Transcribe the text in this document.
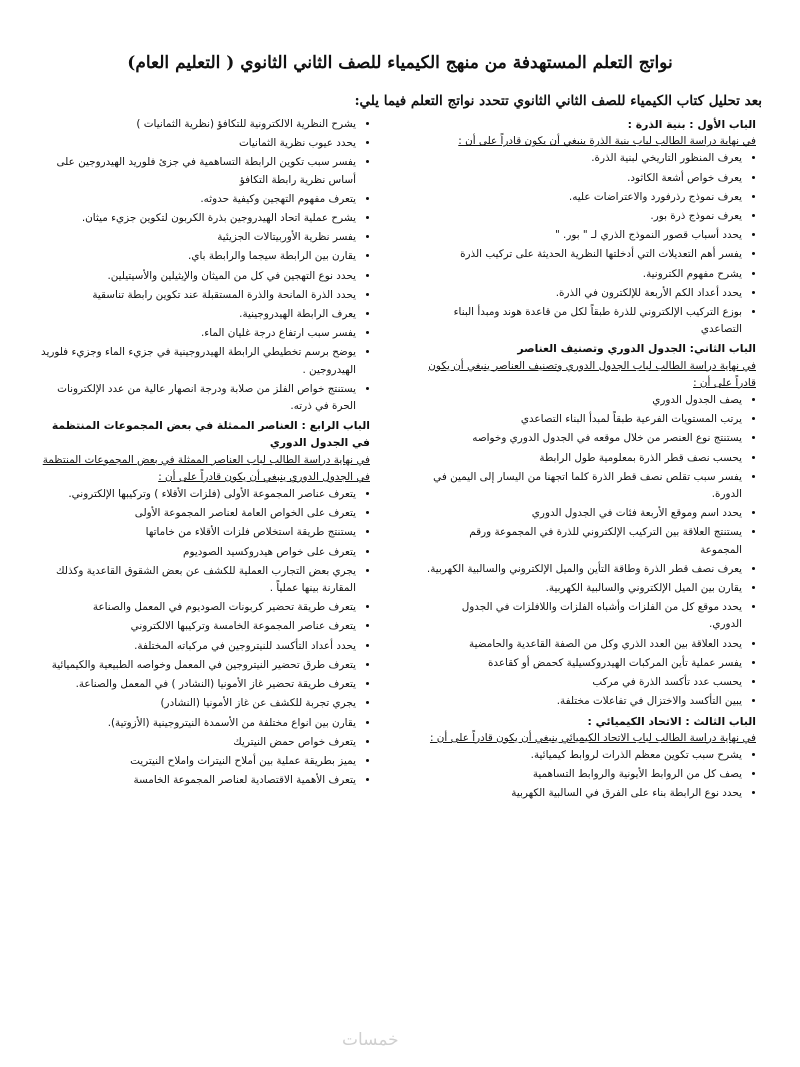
نواتج التعلم المستهدفة من منهج الكيمياء للصف الثاني الثانوي ( التعليم العام)
بعد تحليل كتاب الكيمياء للصف الثاني الثانوي تتحدد نواتج التعلم فيما يلي:
الباب الأول : بنية الذرة :
في نهاية دراسة الطالب لباب بنية الذرة ينبغي أن يكون قادراً على أن :
• يعرف المنظور التاريخي لبنية الذرة.
• يعرف خواص أشعة الكاثود.
• يعرف نموذج رذرفورد والاعتراضات عليه.
• يعرف نموذج ذرة بور.
• يحدد أسباب قصور النموذج الذري لـ " بور. "
• يفسر أهم التعديلات التي أدخلتها النظرية الحديثة على تركيب الذرة
• يشرح مفهوم الكترونية.
• يحدد أعداد الكم الأربعة للإلكترون في الذرة.
• بوزع التركيب الإلكتروني للذرة طبقاً لكل من قاعدة هوند ومبدأ البناء التصاعدي
الباب الثاني: الجدول الدوري وتصنيف العناصر
في نهاية دراسة الطالب لباب الجدول الدوري وتصنيف العناصر ينبغي أن يكون قادراً على أن :
• يصف الجدول الدوري
• يرتب المستويات الفرعية طبقاً لمبدأ البناء التصاعدي
• يستنتج نوع العنصر من خلال موقعه في الجدول الدوري وخواصه
• يحسب نصف قطر الذرة بمعلومية طول الرابطة
• يفسر سبب تقلص نصف قطر الذرة كلما اتجهنا من اليسار إلى اليمين في الدورة.
• يحدد اسم وموقع الأربعة فئات في الجدول الدوري
• يستنتج العلاقة بين التركيب الإلكتروني للذرة في المجموعة ورقم المجموعة
• يعرف نصف قطر الذرة وطاقة التأين والميل الإلكتروني والسالبية الكهربية.
• يقارن بين الميل الإلكتروني والسالبية الكهربية.
• يحدد موقع كل من الفلزات وأشباه الفلزات واللافلزات في الجدول الدوري.
• يحدد العلاقة بين العدد الذري وكل من الصفة القاعدية والحامضية
• يفسر عملية تأين المركبات الهيدروكسيلية كحمض أو كقاعدة
• يحسب عدد تأكسد الذرة في مركب
• يبين التأكسد والاختزال في تفاعلات مختلفة.
الباب الثالث : الاتحاد الكيميائي :
في نهاية دراسة الطالب لباب الاتحاد الكيميائي ينبغي أن يكون قادراً على أن :
• يشرح سبب تكوين معظم الذرات لروابط كيميائية.
• يصف كل من الروابط الأيونية والروابط التساهمية
• يحدد نوع الرابطة بناء على الفرق في السالبية الكهربية
• يشرح النظرية الالكترونية للتكافؤ (نظرية الثمانيات )
• يحدد عيوب نظرية الثمانيات
• يفسر سبب تكوين الرابطة التساهمية في جزئ فلوريد الهيدروجين على أساس نظرية رابطة التكافؤ
• يتعرف مفهوم التهجين وكيفية حدوثه.
• يشرح عملية اتحاد الهيدروجين بذرة الكربون لتكوين جزيء ميثان.
• يفسر نظرية الأوربيتالات الجزيئية
• يقارن بين الرابطة سيجما والرابطة باي.
• يحدد نوع التهجين في كل من الميثان والإيثيلين والأسيتيلين.
• يحدد الذرة المانحة والذرة المستقبلة عند تكوين رابطة تناسقية
• يعرف الرابطة الهيدروجينية.
• يفسر سبب ارتفاع درجة غليان الماء.
• يوضح برسم تخطيطي الرابطة الهيدروجينية في جزيء الماء وجزيء فلوريد الهيدروجين .
• يستنتج خواص الفلز من صلابة ودرجة انصهار عالية من عدد الإلكترونات الحرة في ذرته.
الباب الرابع : العناصر الممثلة في بعض المجموعات المنتظمة في الجدول الدوري
في نهاية دراسة الطالب لباب العناصر الممثلة في بعض المجموعات المنتظمة في الجدول الدوري ينبغي أن يكون قادراً على أن :
• يتعرف عناصر المجموعة الأولى (فلزات الأقلاء ) وتركيبها الإلكتروني.
• يتعرف على الخواص العامة لعناصر المجموعة الأولى
• يستنتج طريقة استخلاص فلزات الأقلاء من خاماتها
• يتعرف على خواص هيدروكسيد الصوديوم
• يجري بعض التجارب العملية للكشف عن بعض الشقوق القاعدية وكذلك المقارنة بينها عملياً .
• يتعرف طريقة تحضير كربونات الصوديوم في المعمل والصناعة
• يتعرف عناصر المجموعة الخامسة وتركيبها الالكتروني
• يحدد أعداد التأكسد للنيتروجين في مركباته المختلفة.
• يتعرف طرق تحضير النيتروجين في المعمل وخواصه الطبيعية والكيميائية
• يتعرف طريقة تحضير غاز الأمونيا (النشادر ) في المعمل والصناعة.
• يجري تجربة للكشف عن غاز الأمونيا (النشادر)
• يقارن بين انواع مختلفة من الأسمدة النيتروجينية (الأزوتية).
• يتعرف خواص حمض النيتريك
• يميز بطريقة عملية بين أملاح النيترات واملاح النيتريت
• يتعرف الأهمية الاقتصادية لعناصر المجموعة الخامسة
خمسات
